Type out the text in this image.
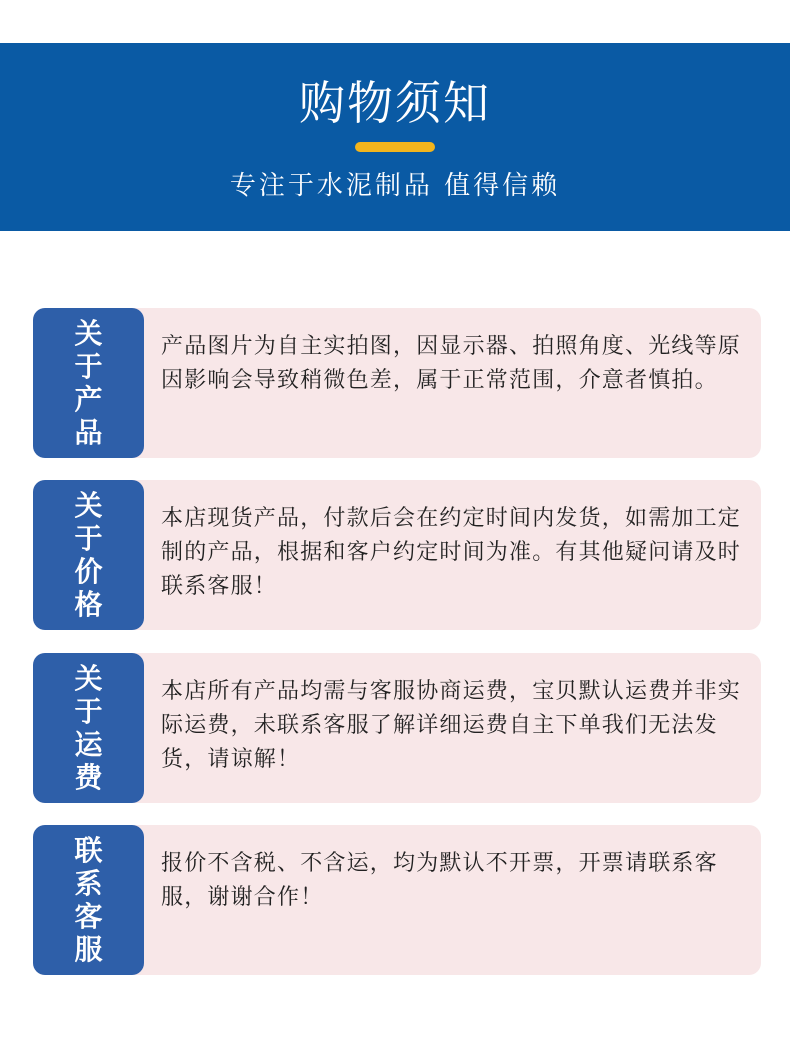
购物须知
专注于水泥制品 值得信赖
关于产品
产品图片为自主实拍图，因显示器、拍照角度、光线等原因影响会导致稍微色差，属于正常范围，介意者慎拍。
关于价格
本店现货产品，付款后会在约定时间内发货，如需加工定制的产品，根据和客户约定时间为准。有其他疑问请及时联系客服！
关于运费
本店所有产品均需与客服协商运费，宝贝默认运费并非实际运费，未联系客服了解详细运费自主下单我们无法发货，请谅解！
联系客服
报价不含税、不含运，均为默认不开票，开票请联系客服，谢谢合作！
